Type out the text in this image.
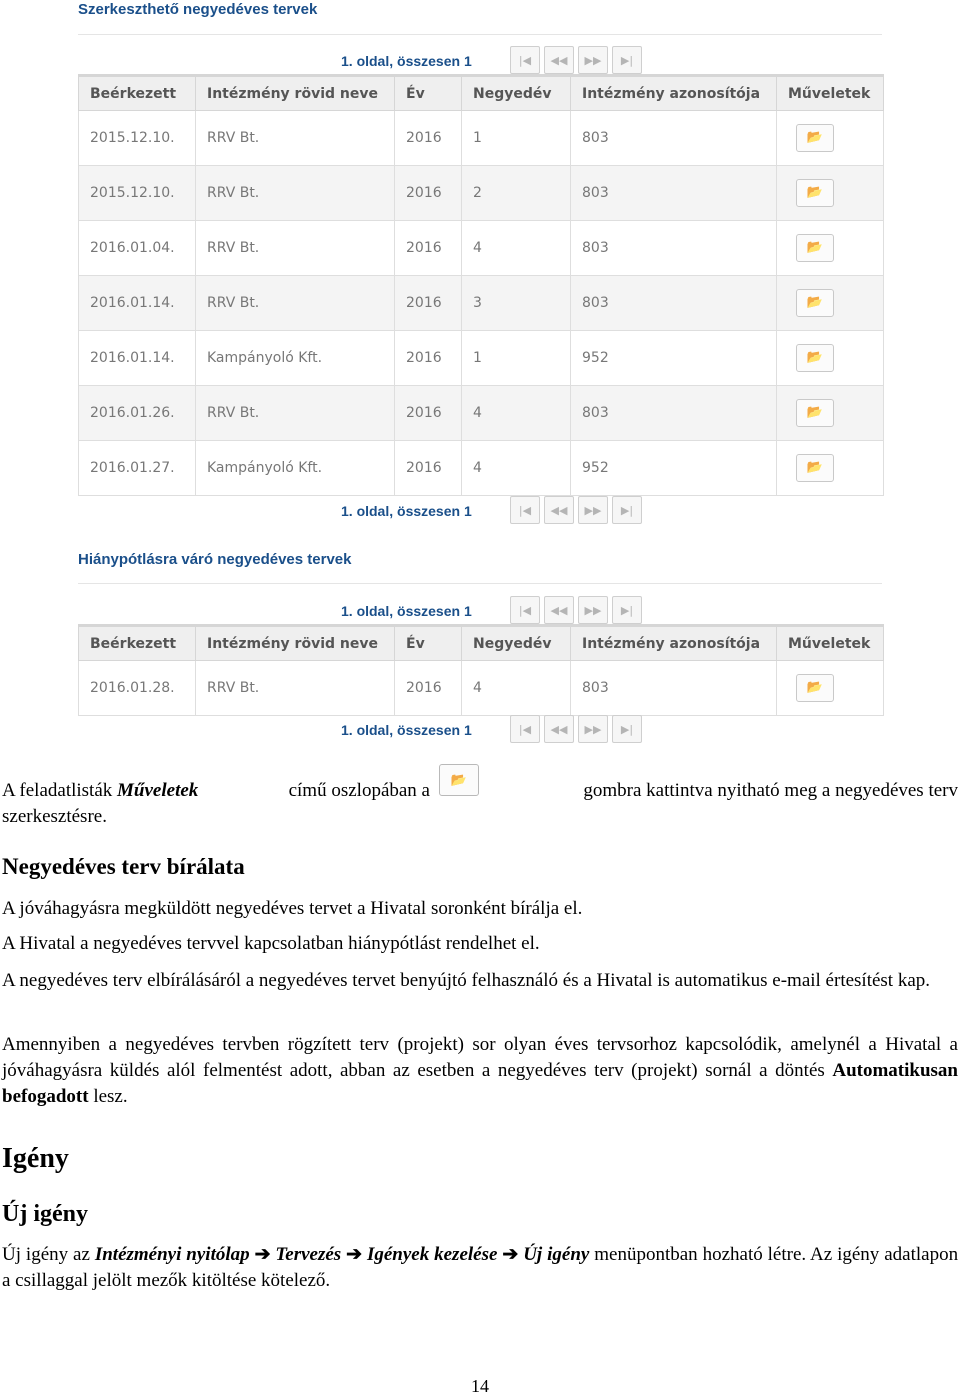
Szerkeszthető negyedéves tervek
1. oldal, összesen 1	|◀	◀◀	▶▶	▶|
Beérkezett	Intézmény rövid neve	Év	Negyedév	Intézmény azonosítója	Műveletek
2015.12.10.	RRV Bt.	2016	1	803	📂
2015.12.10.	RRV Bt.	2016	2	803	📂
2016.01.04.	RRV Bt.	2016	4	803	📂
2016.01.14.	RRV Bt.	2016	3	803	📂
2016.01.14.	Kampányoló Kft.	2016	1	952	📂
2016.01.26.	RRV Bt.	2016	4	803	📂
2016.01.27.	Kampányoló Kft.	2016	4	952	📂
1. oldal, összesen 1	|◀	◀◀	▶▶	▶|
Hiánypótlásra váró negyedéves tervek
1. oldal, összesen 1	|◀	◀◀	▶▶	▶|
Beérkezett	Intézmény rövid neve	Év	Negyedév	Intézmény azonosítója	Műveletek
2016.01.28.	RRV Bt.	2016	4	803	📂
1. oldal, összesen 1	|◀	◀◀	▶▶	▶|
A feladatlisták Műveletek	című oszlopában a	gombra kattintva nyitható meg a negyedéves terv
szerkesztésre.
📂
Negyedéves terv bírálata
A jóváhagyásra megküldött negyedéves tervet a Hivatal soronként bírálja el.
A Hivatal a negyedéves tervvel kapcsolatban hiánypótlást rendelhet el.
A negyedéves terv elbírálásáról a negyedéves tervet benyújtó felhasználó és a Hivatal is automatikus e-mail értesítést kap.
Amennyiben a negyedéves tervben rögzített terv (projekt) sor olyan éves tervsorhoz kapcsolódik, amelynél a Hivatal a jóváhagyásra küldés alól felmentést adott, abban az esetben a negyedéves terv (projekt) sornál a döntés Automatikusan befogadott lesz.
Igény
Új igény
Új igény az Intézményi nyitólap ➔ Tervezés ➔ Igények kezelése ➔ Új igény menüpontban hozható létre. Az igény adatlapon a csillaggal jelölt mezők kitöltése kötelező.
14
